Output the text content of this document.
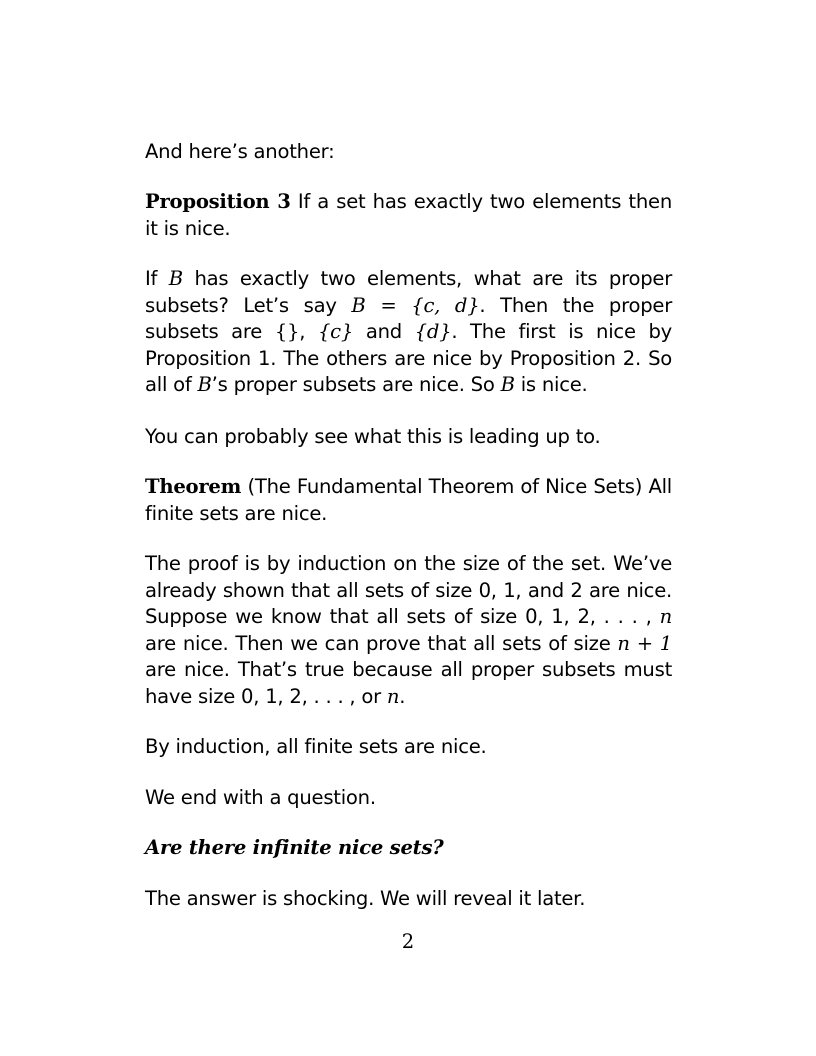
And here’s another:

Proposition 3 If a set has exactly two elements then it is nice.

If B has exactly two elements, what are its proper subsets? Let’s say B = {c, d}. Then the proper subsets are {}, {c} and {d}. The first is nice by Proposition 1. The others are nice by Proposition 2. So all of B’s proper subsets are nice. So B is nice.

You can probably see what this is leading up to.

Theorem (The Fundamental Theorem of Nice Sets) All finite sets are nice.

The proof is by induction on the size of the set. We’ve already shown that all sets of size 0, 1, and 2 are nice. Suppose we know that all sets of size 0, 1, 2, . . . , n are nice. Then we can prove that all sets of size n + 1 are nice. That’s true because all proper subsets must have size 0, 1, 2, . . . , or n.

By induction, all finite sets are nice.

We end with a question.

Are there infinite nice sets?

The answer is shocking. We will reveal it later.

2
